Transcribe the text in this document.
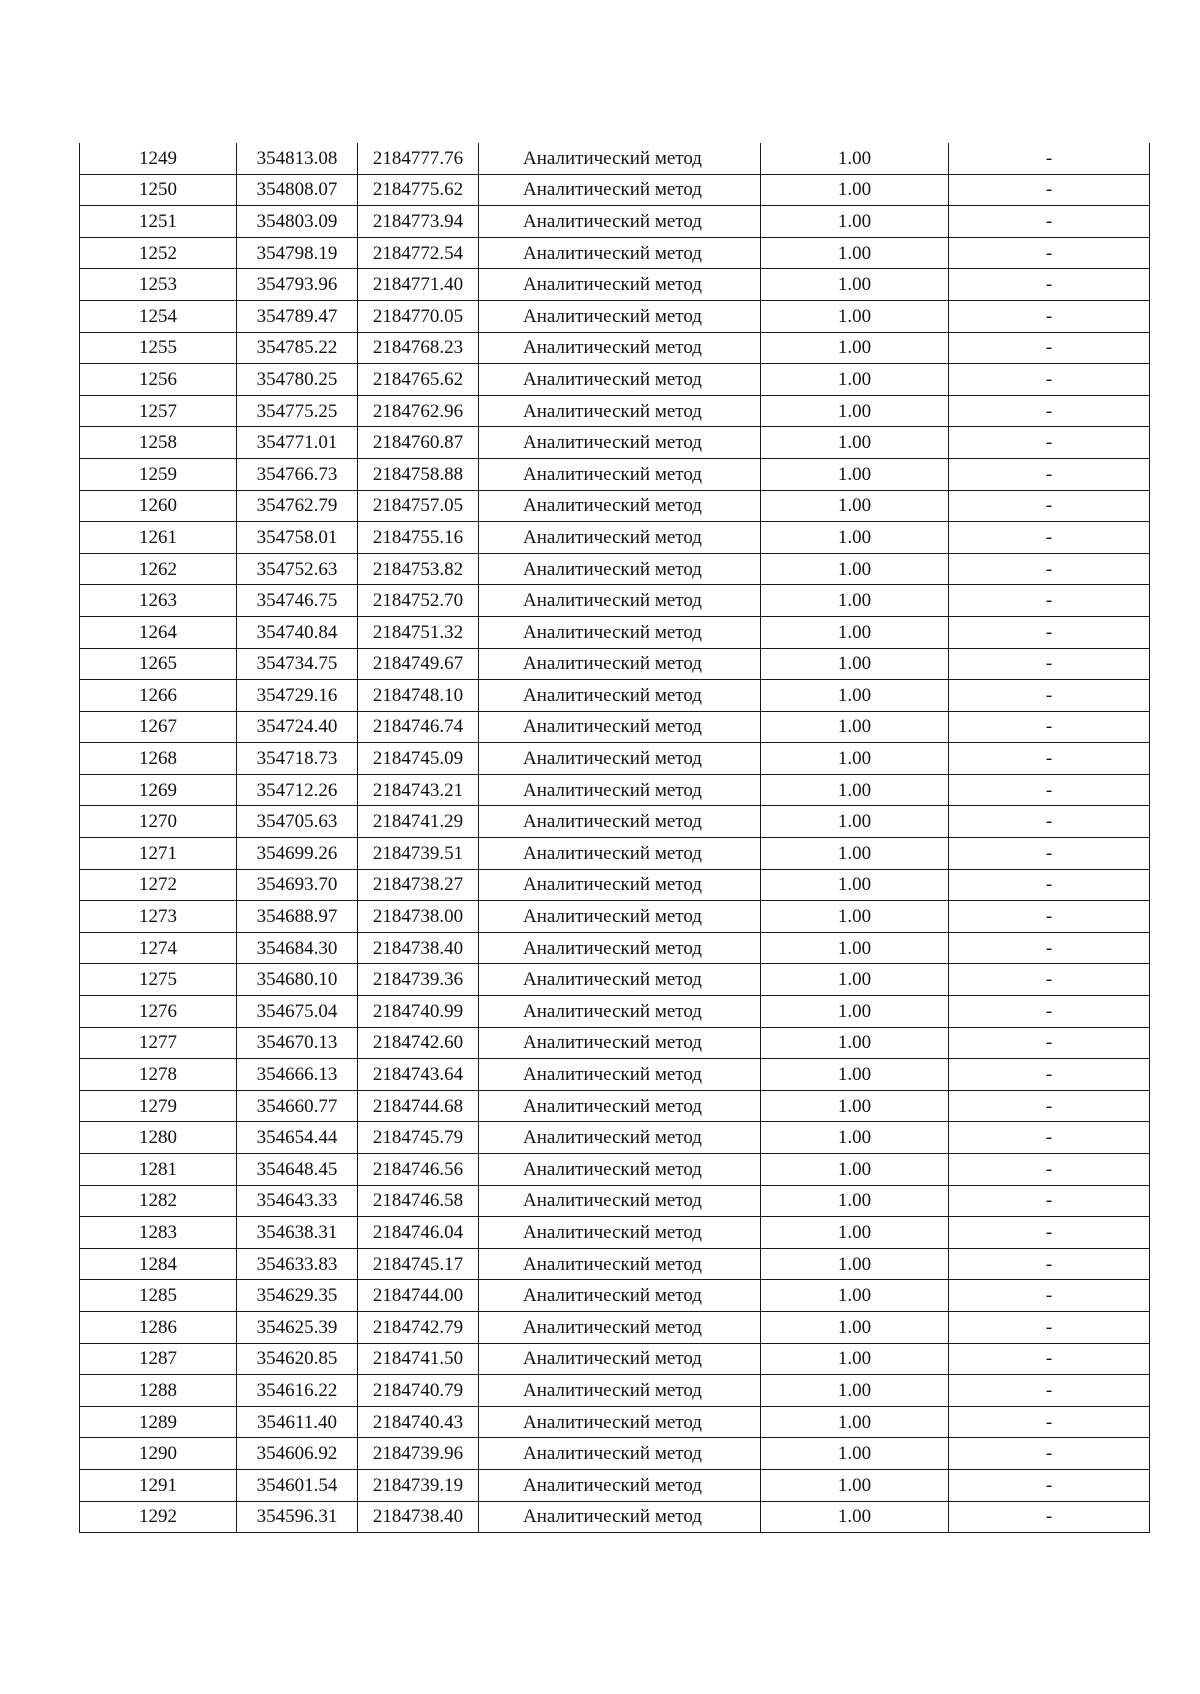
1249	354813.08	2184777.76	Аналитический метод	1.00	-
1250	354808.07	2184775.62	Аналитический метод	1.00	-
1251	354803.09	2184773.94	Аналитический метод	1.00	-
1252	354798.19	2184772.54	Аналитический метод	1.00	-
1253	354793.96	2184771.40	Аналитический метод	1.00	-
1254	354789.47	2184770.05	Аналитический метод	1.00	-
1255	354785.22	2184768.23	Аналитический метод	1.00	-
1256	354780.25	2184765.62	Аналитический метод	1.00	-
1257	354775.25	2184762.96	Аналитический метод	1.00	-
1258	354771.01	2184760.87	Аналитический метод	1.00	-
1259	354766.73	2184758.88	Аналитический метод	1.00	-
1260	354762.79	2184757.05	Аналитический метод	1.00	-
1261	354758.01	2184755.16	Аналитический метод	1.00	-
1262	354752.63	2184753.82	Аналитический метод	1.00	-
1263	354746.75	2184752.70	Аналитический метод	1.00	-
1264	354740.84	2184751.32	Аналитический метод	1.00	-
1265	354734.75	2184749.67	Аналитический метод	1.00	-
1266	354729.16	2184748.10	Аналитический метод	1.00	-
1267	354724.40	2184746.74	Аналитический метод	1.00	-
1268	354718.73	2184745.09	Аналитический метод	1.00	-
1269	354712.26	2184743.21	Аналитический метод	1.00	-
1270	354705.63	2184741.29	Аналитический метод	1.00	-
1271	354699.26	2184739.51	Аналитический метод	1.00	-
1272	354693.70	2184738.27	Аналитический метод	1.00	-
1273	354688.97	2184738.00	Аналитический метод	1.00	-
1274	354684.30	2184738.40	Аналитический метод	1.00	-
1275	354680.10	2184739.36	Аналитический метод	1.00	-
1276	354675.04	2184740.99	Аналитический метод	1.00	-
1277	354670.13	2184742.60	Аналитический метод	1.00	-
1278	354666.13	2184743.64	Аналитический метод	1.00	-
1279	354660.77	2184744.68	Аналитический метод	1.00	-
1280	354654.44	2184745.79	Аналитический метод	1.00	-
1281	354648.45	2184746.56	Аналитический метод	1.00	-
1282	354643.33	2184746.58	Аналитический метод	1.00	-
1283	354638.31	2184746.04	Аналитический метод	1.00	-
1284	354633.83	2184745.17	Аналитический метод	1.00	-
1285	354629.35	2184744.00	Аналитический метод	1.00	-
1286	354625.39	2184742.79	Аналитический метод	1.00	-
1287	354620.85	2184741.50	Аналитический метод	1.00	-
1288	354616.22	2184740.79	Аналитический метод	1.00	-
1289	354611.40	2184740.43	Аналитический метод	1.00	-
1290	354606.92	2184739.96	Аналитический метод	1.00	-
1291	354601.54	2184739.19	Аналитический метод	1.00	-
1292	354596.31	2184738.40	Аналитический метод	1.00	-
